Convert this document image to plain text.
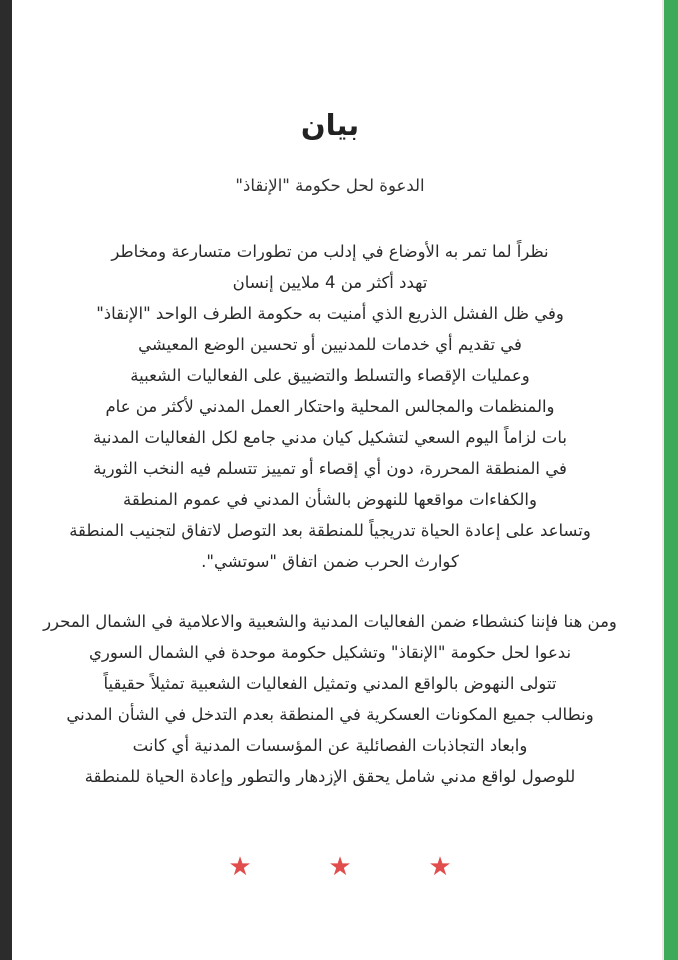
بيان
الدعوة لحل حكومة "الإنقاذ"
نظراً لما تمر به الأوضاع في إدلب من تطورات متسارعة ومخاطر
تهدد أكثر من 4 ملايين إنسان
وفي ظل الفشل الذريع الذي أمنيت به حكومة الطرف الواحد "الإنقاذ"
في تقديم أي خدمات للمدنيين أو تحسين الوضع المعيشي
وعمليات الإقصاء والتسلط والتضييق على الفعاليات الشعبية
والمنظمات والمجالس المحلية واحتكار العمل المدني لأكثر من عام
بات لزاماً اليوم السعي لتشكيل كيان مدني جامع لكل الفعاليات المدنية
في المنطقة المحررة، دون أي إقصاء أو تمييز تتسلم فيه النخب الثورية
والكفاءات مواقعها للنهوض بالشأن المدني في عموم المنطقة
وتساعد على إعادة الحياة تدريجياً للمنطقة بعد التوصل لاتفاق لتجنيب المنطقة
كوارث الحرب ضمن اتفاق "سوتشي".
ومن هنا فإننا كنشطاء ضمن الفعاليات المدنية والشعبية والاعلامية في الشمال المحرر
ندعوا لحل حكومة "الإنقاذ" وتشكيل حكومة موحدة في الشمال السوري
تتولى النهوض بالواقع المدني وتمثيل الفعاليات الشعبية تمثيلاً حقيقياً
ونطالب جميع المكونات العسكرية في المنطقة بعدم التدخل في الشأن المدني
وابعاد التجاذبات الفصائلية عن المؤسسات المدنية أي كانت
للوصول لواقع مدني شامل يحقق الإزدهار والتطور وإعادة الحياة للمنطقة
★
★
★
